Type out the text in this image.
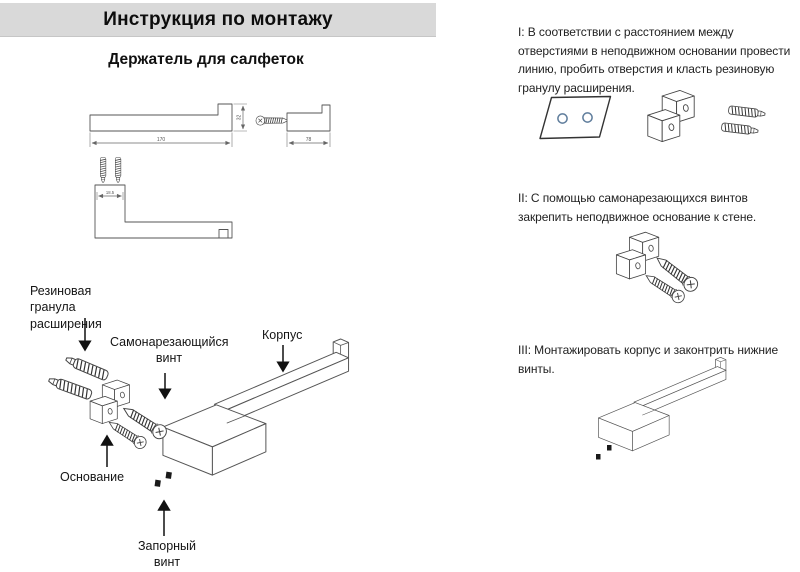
Инструкция по монтажу

Держатель для салфеток

170
32
78
18.5
Резиновая гранула расширения
Самонарезающийся винт
Корпус
Основание
Запорный винт

I: В соответствии с расстоянием между отверстиями в неподвижном основании провести линию, пробить отверстия и класть резиновую гранулу расширения.

II: С помощью самонарезающихся винтов закрепить неподвижное основание к стене.

III: Монтажировать корпус и законтрить нижние винты.
